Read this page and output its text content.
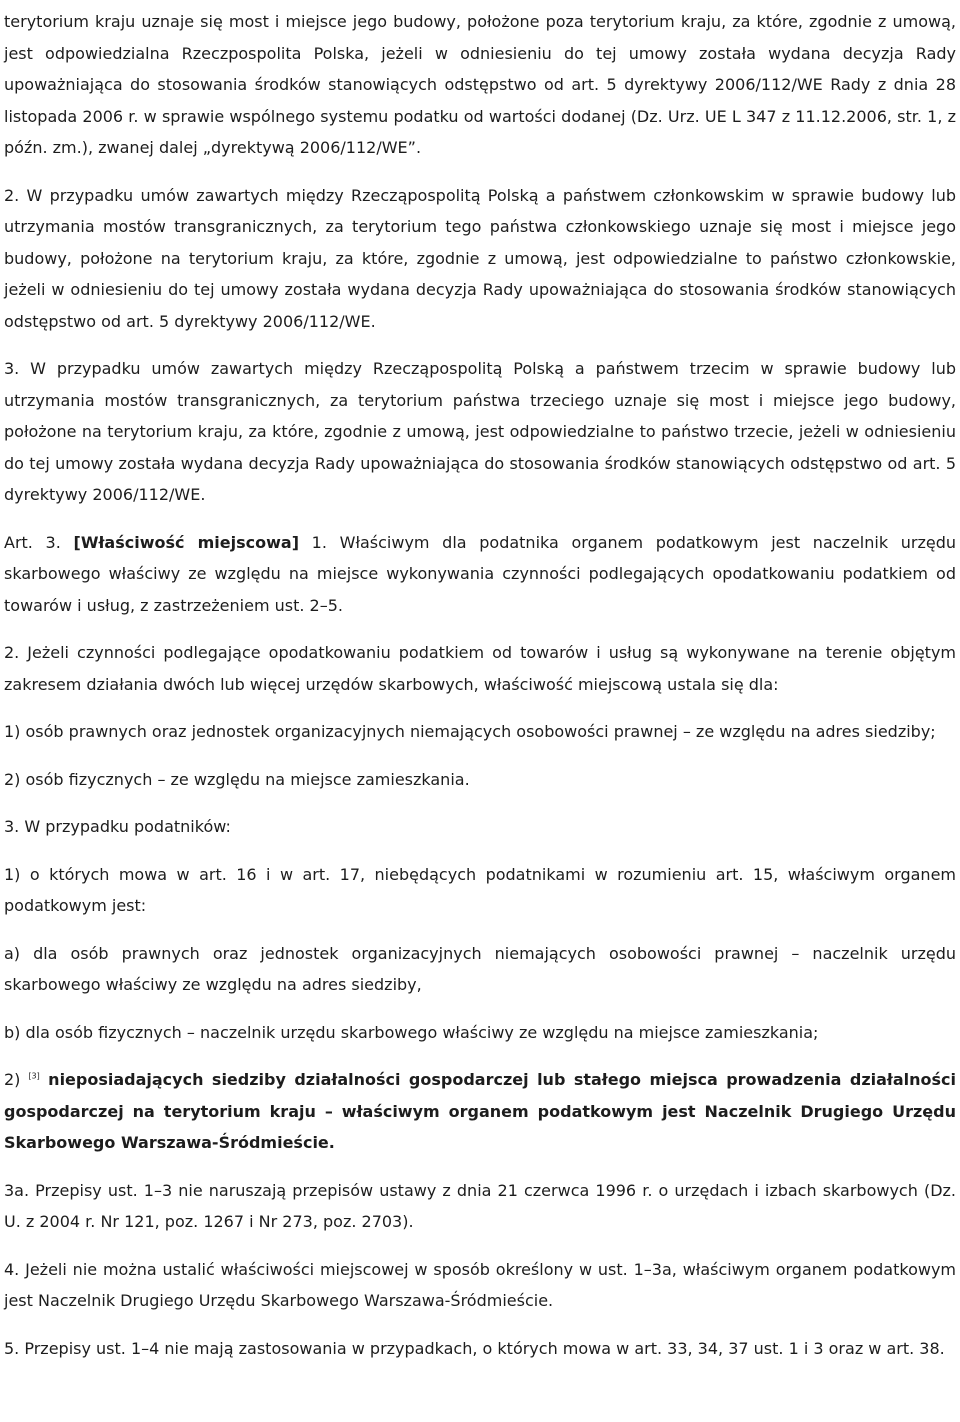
terytorium kraju uznaje się most i miejsce jego budowy, położone poza terytorium kraju, za które, zgodnie z umową, jest odpowiedzialna Rzeczpospolita Polska, jeżeli w odniesieniu do tej umowy została wydana decyzja Rady upoważniająca do stosowania środków stanowiących odstępstwo od art. 5 dyrektywy 2006/112/WE Rady z dnia 28 listopada 2006 r. w sprawie wspólnego systemu podatku od wartości dodanej (Dz. Urz. UE L 347 z 11.12.2006, str. 1, z późn. zm.), zwanej dalej „dyrektywą 2006/112/WE”.

2. W przypadku umów zawartych między Rzecząpospolitą Polską a państwem członkowskim w sprawie budowy lub utrzymania mostów transgranicznych, za terytorium tego państwa członkowskiego uznaje się most i miejsce jego budowy, położone na terytorium kraju, za które, zgodnie z umową, jest odpowiedzialne to państwo członkowskie, jeżeli w odniesieniu do tej umowy została wydana decyzja Rady upoważniająca do stosowania środków stanowiących odstępstwo od art. 5 dyrektywy 2006/112/WE.

3. W przypadku umów zawartych między Rzecząpospolitą Polską a państwem trzecim w sprawie budowy lub utrzymania mostów transgranicznych, za terytorium państwa trzeciego uznaje się most i miejsce jego budowy, położone na terytorium kraju, za które, zgodnie z umową, jest odpowiedzialne to państwo trzecie, jeżeli w odniesieniu do tej umowy została wydana decyzja Rady upoważniająca do stosowania środków stanowiących odstępstwo od art. 5 dyrektywy 2006/112/WE.

Art. 3. [Właściwość miejscowa] 1. Właściwym dla podatnika organem podatkowym jest naczelnik urzędu skarbowego właściwy ze względu na miejsce wykonywania czynności podlegających opodatkowaniu podatkiem od towarów i usług, z zastrzeżeniem ust. 2–5.

2. Jeżeli czynności podlegające opodatkowaniu podatkiem od towarów i usług są wykonywane na terenie objętym zakresem działania dwóch lub więcej urzędów skarbowych, właściwość miejscową ustala się dla:

1) osób prawnych oraz jednostek organizacyjnych niemających osobowości prawnej – ze względu na adres siedziby;

2) osób fizycznych – ze względu na miejsce zamieszkania.

3. W przypadku podatników:

1) o których mowa w art. 16 i w art. 17, niebędących podatnikami w rozumieniu art. 15, właściwym organem podatkowym jest:

a) dla osób prawnych oraz jednostek organizacyjnych niemających osobowości prawnej – naczelnik urzędu skarbowego właściwy ze względu na adres siedziby,

b) dla osób fizycznych – naczelnik urzędu skarbowego właściwy ze względu na miejsce zamieszkania;

2) [3] nieposiadających siedziby działalności gospodarczej lub stałego miejsca prowadzenia działalności gospodarczej na terytorium kraju – właściwym organem podatkowym jest Naczelnik Drugiego Urzędu Skarbowego Warszawa-Śródmieście.

3a. Przepisy ust. 1–3 nie naruszają przepisów ustawy z dnia 21 czerwca 1996 r. o urzędach i izbach skarbowych (Dz. U. z 2004 r. Nr 121, poz. 1267 i Nr 273, poz. 2703).

4. Jeżeli nie można ustalić właściwości miejscowej w sposób określony w ust. 1–3a, właściwym organem podatkowym jest Naczelnik Drugiego Urzędu Skarbowego Warszawa-Śródmieście.

5. Przepisy ust. 1–4 nie mają zastosowania w przypadkach, o których mowa w art. 33, 34, 37 ust. 1 i 3 oraz w art. 38.
